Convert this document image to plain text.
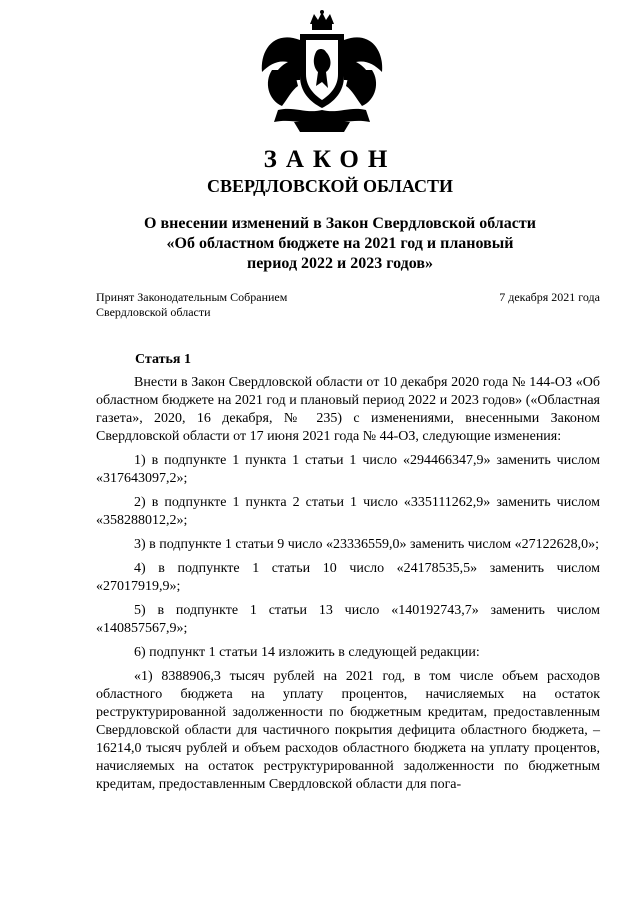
ЗАКОН
СВЕРДЛОВСКОЙ ОБЛАСТИ
О внесении изменений в Закон Свердловской области
«Об областном бюджете на 2021 год и плановый
период 2022 и 2023 годов»
Принят Законодательным Собранием
Свердловской области
7 декабря 2021 года
Статья 1

Внести в Закон Свердловской области от 10 декабря 2020 года № 144-ОЗ «Об областном бюджете на 2021 год и плановый период 2022 и 2023 годов» («Областная газета», 2020, 16 декабря, № 235) с изменениями, внесенными Законом Свердловской области от 17 июня 2021 года № 44-ОЗ, следующие изменения:

1) в подпункте 1 пункта 1 статьи 1 число «294466347,9» заменить числом «317643097,2»;

2) в подпункте 1 пункта 2 статьи 1 число «335111262,9» заменить числом «358288012,2»;

3) в подпункте 1 статьи 9 число «23336559,0» заменить числом «27122628,0»;

4) в подпункте 1 статьи 10 число «24178535,5» заменить числом «27017919,9»;

5) в подпункте 1 статьи 13 число «140192743,7» заменить числом «140857567,9»;

6) подпункт 1 статьи 14 изложить в следующей редакции:

«1) 8388906,3 тысяч рублей на 2021 год, в том числе объем расходов областного бюджета на уплату процентов, начисляемых на остаток реструктурированной задолженности по бюджетным кредитам, предоставленным Свердловской области для частичного покрытия дефицита областного бюджета, – 16214,0 тысяч рублей и объем расходов областного бюджета на уплату процентов, начисляемых на остаток реструктурированной задолженности по бюджетным кредитам, предоставленным Свердловской области для пога-
